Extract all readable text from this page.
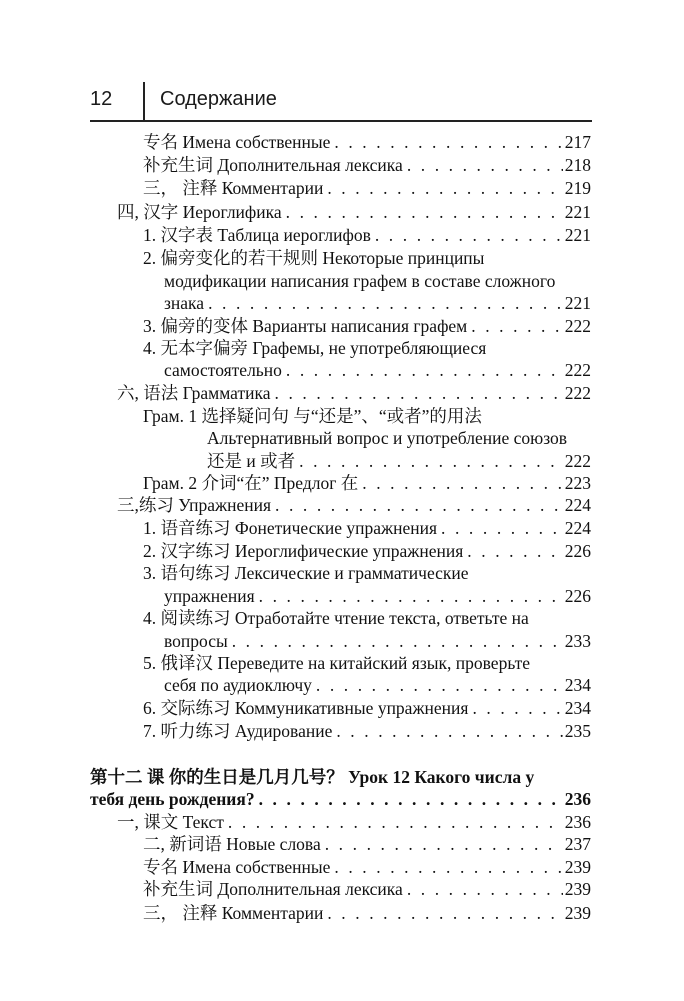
12 Содержание
专名 Имена собственные . . .	217
补充生词 Дополнительная лексика . . .	218
三， 注释 Комментарии . . .	219
四, 汉字 Иероглифика . . .	221
1. 汉字表 Таблица иероглифов . . .	221
2. 偏旁变化的若干规则 Некоторые принципы
модификации написания графем в составе сложного
знака . . .	221
3. 偏旁的变体 Варианты написания графем . . .	222
4. 无本字偏旁 Графемы, не употребляющиеся
самостоятельно . . .	222
六, 语法 Грамматика . . .	222
Грам. 1 选择疑问句 与“还是”、“或者”的用法
Альтернативный вопрос и употребление союзов
还是 и 或者 . . .	222
Грам. 2 介词“在” Предлог 在 . . .	223
三,练习 Упражнения . . .	224
1. 语音练习 Фонетические упражнения . . .	224
2. 汉字练习 Иероглифические упражнения . . .	226
3. 语句练习 Лексические и грамматические
упражнения . . .	226
4. 阅读练习 Отработайте чтение текста, ответьте на
вопросы . . .	233
5. 俄译汉 Переведите на китайский язык, проверьте
себя по аудиоключу . . .	234
6. 交际练习 Коммуникативные упражнения . . .	234
7. 听力练习 Аудирование . . .	235
第十二 课 你的生日是几月几号？ Урок 12 Какого числа у
тебя день рождения? . . .	236
一, 课文 Текст . . .	236
二, 新词语 Новые слова . . .	237
专名 Имена собственные . . .	239
补充生词 Дополнительная лексика . . .	239
三， 注释 Комментарии . . .	239
